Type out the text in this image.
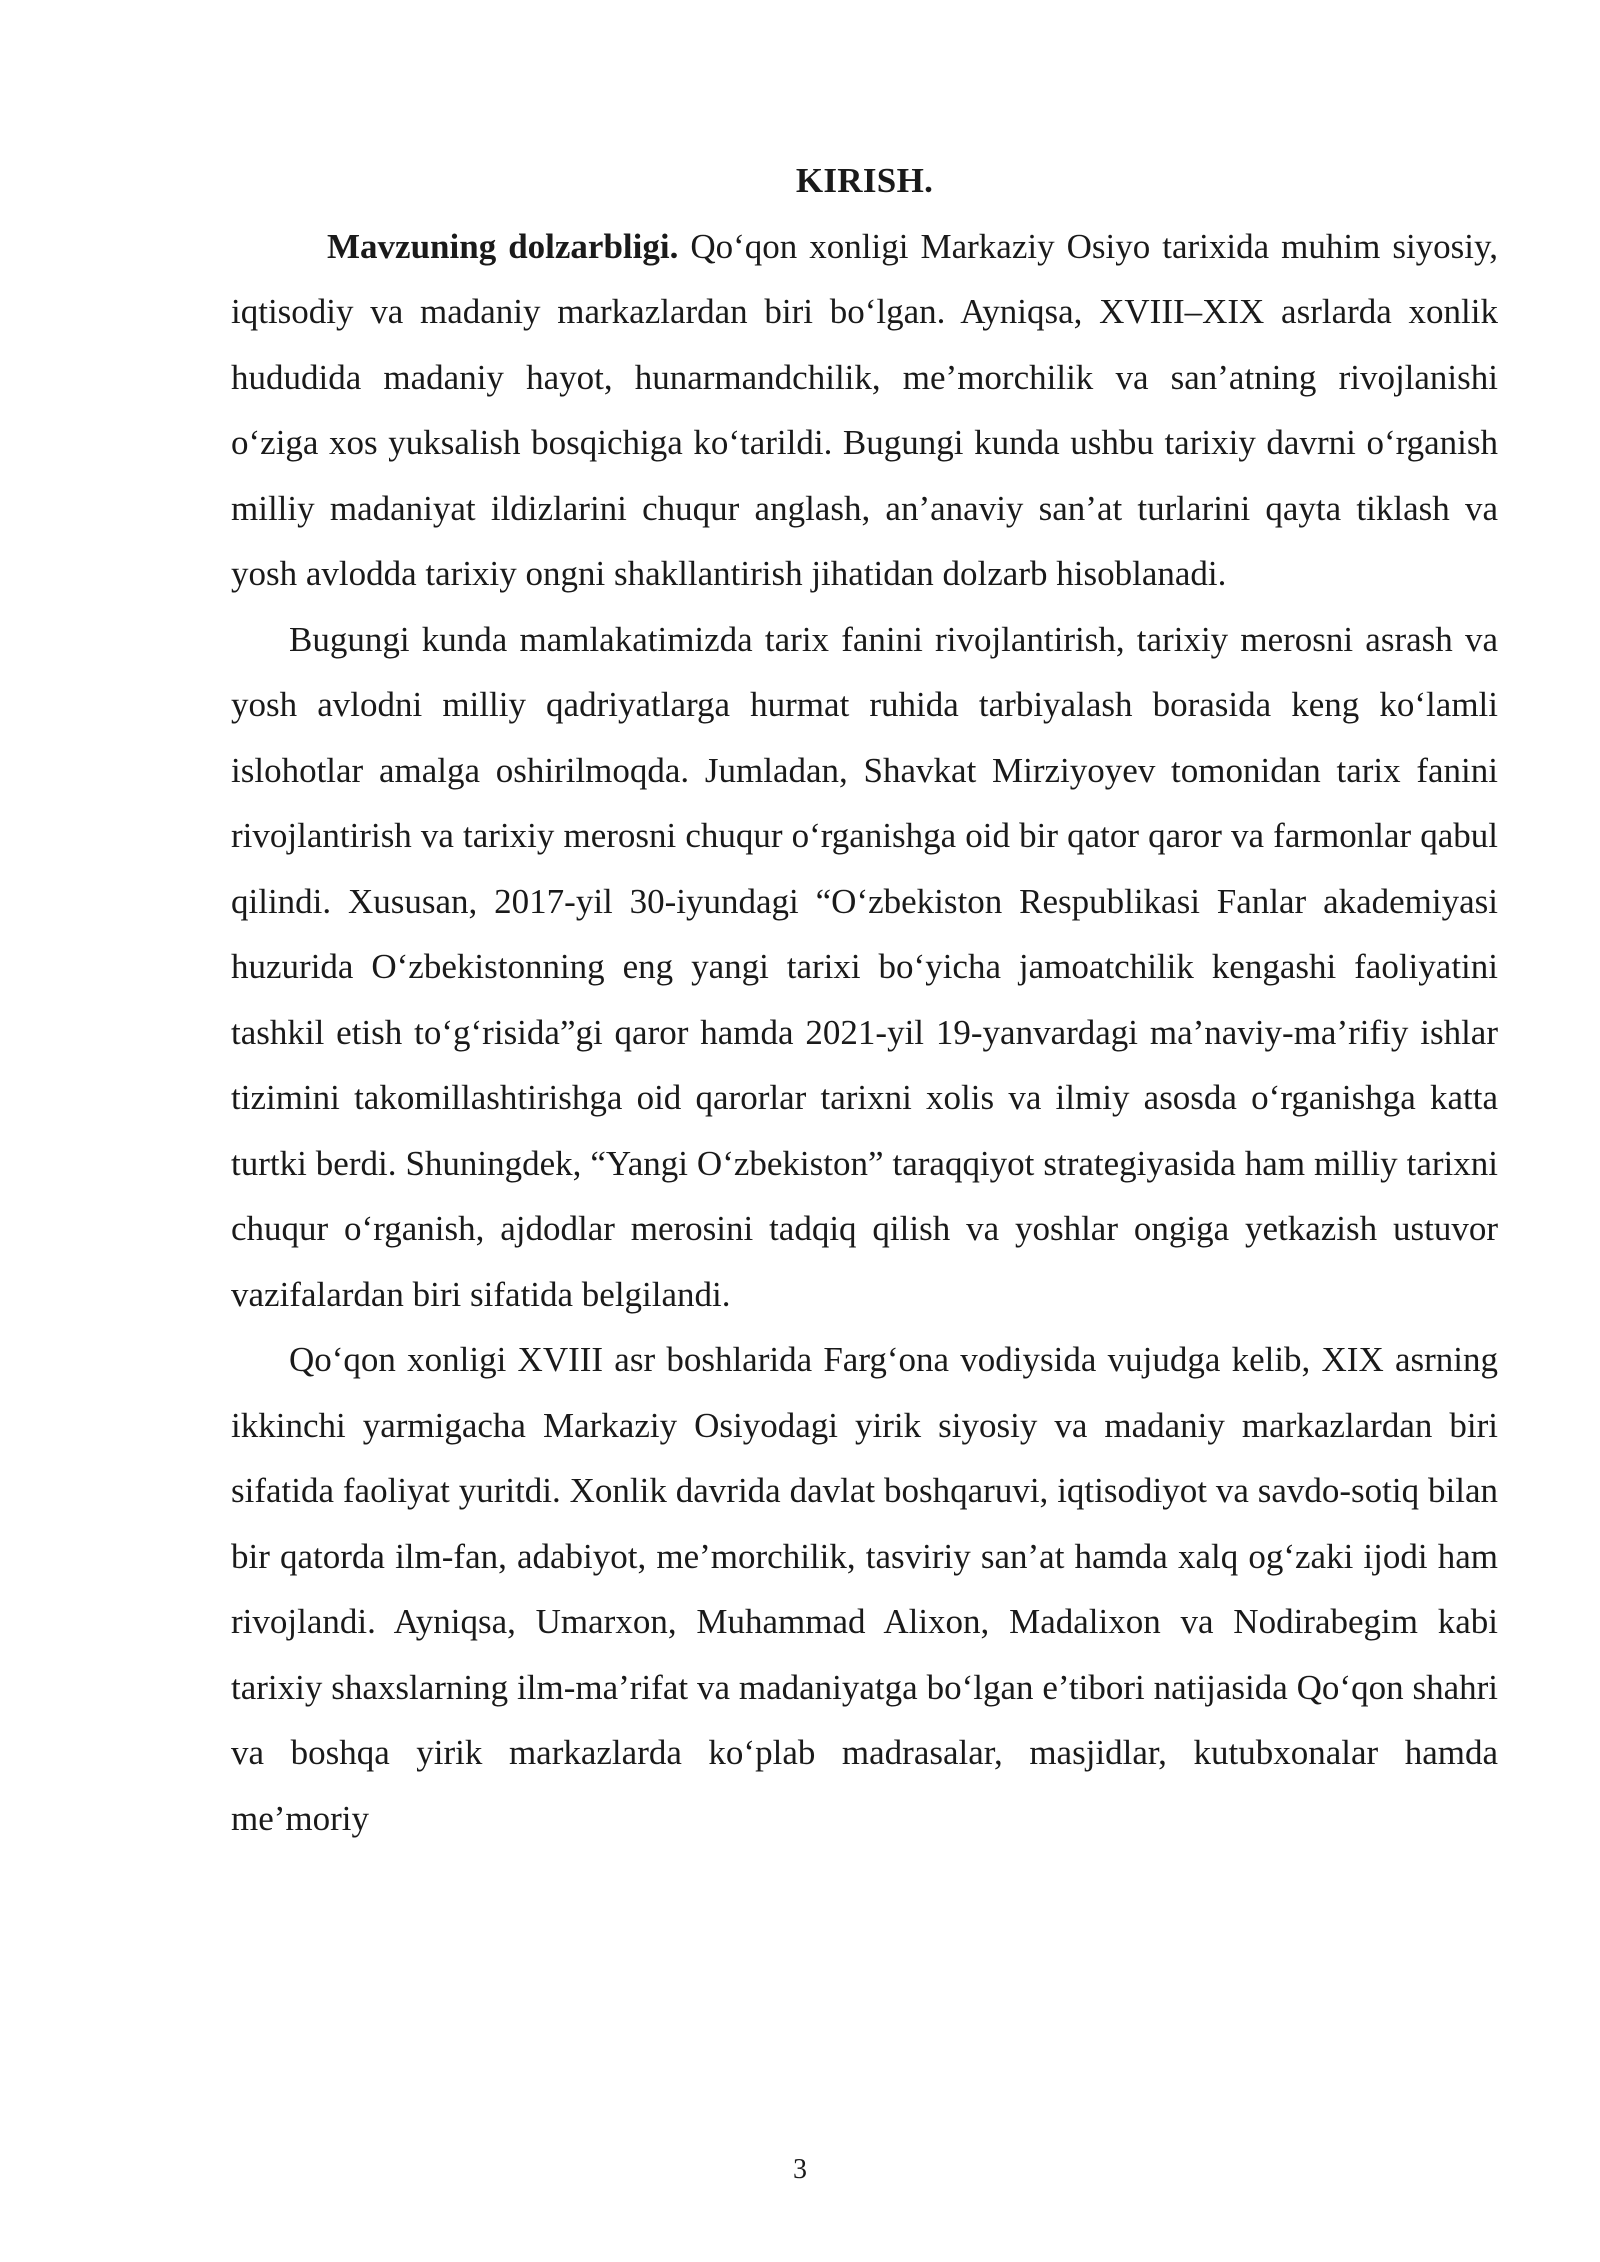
KIRISH.

Mavzuning dolzarbligi. Qo‘qon xonligi Markaziy Osiyo tarixida muhim siyosiy, iqtisodiy va madaniy markazlardan biri bo‘lgan. Ayniqsa, XVIII–XIX asrlarda xonlik hududida madaniy hayot, hunarmandchilik, me’morchilik va san’atning rivojlanishi o‘ziga xos yuksalish bosqichiga ko‘tarildi. Bugungi kunda ushbu tarixiy davrni o‘rganish milliy madaniyat ildizlarini chuqur anglash, an’anaviy san’at turlarini qayta tiklash va yosh avlodda tarixiy ongni shakllantirish jihatidan dolzarb hisoblanadi.

Bugungi kunda mamlakatimizda tarix fanini rivojlantirish, tarixiy merosni asrash va yosh avlodni milliy qadriyatlarga hurmat ruhida tarbiyalash borasida keng ko‘lamli islohotlar amalga oshirilmoqda. Jumladan, Shavkat Mirziyoyev tomonidan tarix fanini rivojlantirish va tarixiy merosni chuqur o‘rganishga oid bir qator qaror va farmonlar qabul qilindi. Xususan, 2017-yil 30-iyundagi “O‘zbekiston Respublikasi Fanlar akademiyasi huzurida O‘zbekistonning eng yangi tarixi bo‘yicha jamoatchilik kengashi faoliyatini tashkil etish to‘g‘risida”gi qaror hamda 2021-yil 19-yanvardagi ma’naviy-ma’rifiy ishlar tizimini takomillashtirishga oid qarorlar tarixni xolis va ilmiy asosda o‘rganishga katta turtki berdi. Shuningdek, “Yangi O‘zbekiston” taraqqiyot strategiyasida ham milliy tarixni chuqur o‘rganish, ajdodlar merosini tadqiq qilish va yoshlar ongiga yetkazish ustuvor vazifalardan biri sifatida belgilandi.

Qo‘qon xonligi XVIII asr boshlarida Farg‘ona vodiysida vujudga kelib, XIX asrning ikkinchi yarmigacha Markaziy Osiyodagi yirik siyosiy va madaniy markazlardan biri sifatida faoliyat yuritdi. Xonlik davrida davlat boshqaruvi, iqtisodiyot va savdo-sotiq bilan bir qatorda ilm-fan, adabiyot, me’morchilik, tasviriy san’at hamda xalq og‘zaki ijodi ham rivojlandi. Ayniqsa, Umarxon, Muhammad Alixon, Madalixon va Nodirabegim kabi tarixiy shaxslarning ilm-ma’rifat va madaniyatga bo‘lgan e’tibori natijasida Qo‘qon shahri va boshqa yirik markazlarda ko‘plab madrasalar, masjidlar, kutubxonalar hamda me’moriy

3
